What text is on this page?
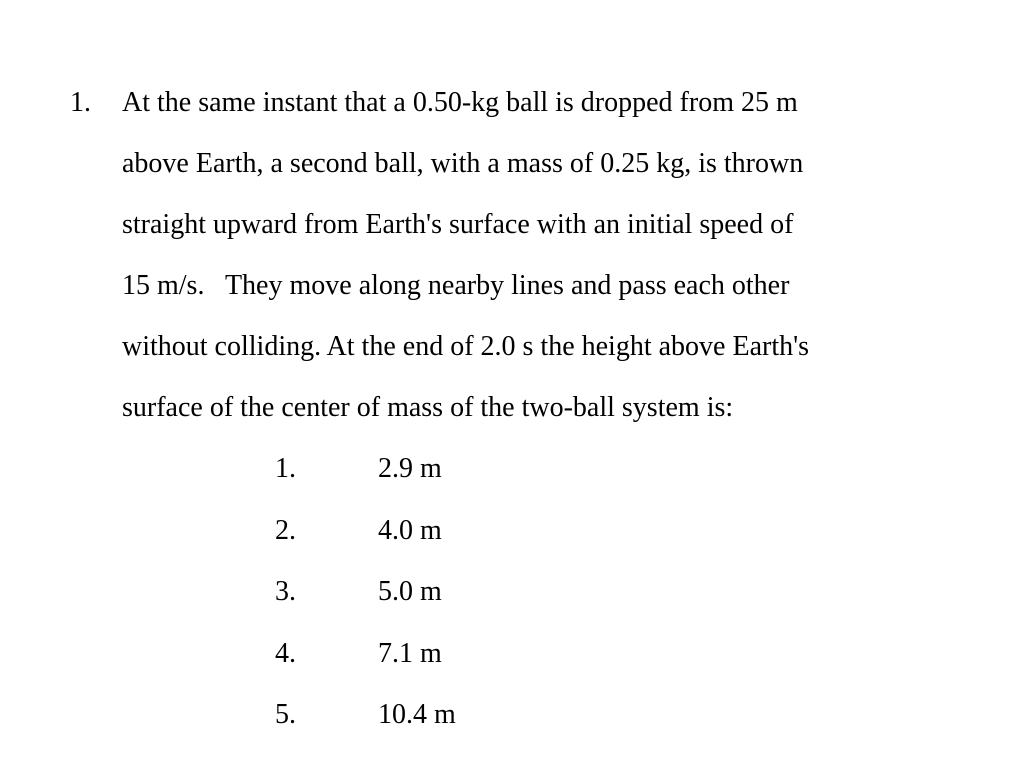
1. At the same instant that a 0.50-kg ball is dropped from 25 m
above Earth, a second ball, with a mass of 0.25 kg, is thrown
straight upward from Earth's surface with an initial speed of
15 m/s.   They move along nearby lines and pass each other
without colliding. At the end of 2.0 s the height above Earth's
surface of the center of mass of the two-ball system is:
1.	2.9 m
2.	4.0 m
3.	5.0 m
4.	7.1 m
5.	10.4 m
